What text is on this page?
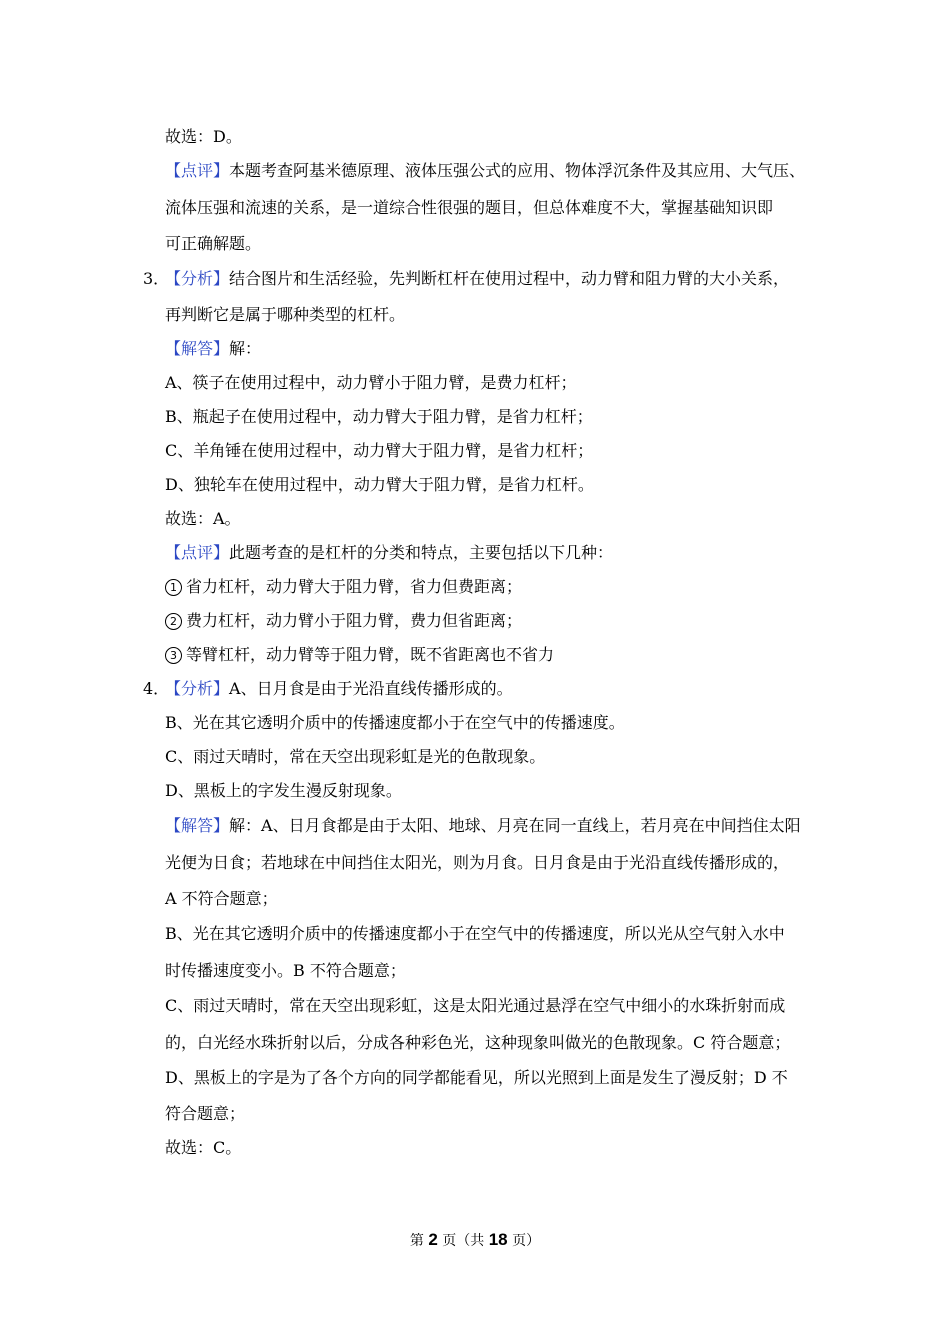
故选：D。
【点评】本题考查阿基米德原理、液体压强公式的应用、物体浮沉条件及其应用、大气压、
流体压强和流速的关系，是一道综合性很强的题目，但总体难度不大，掌握基础知识即
可正确解题。
3．
【分析】结合图片和生活经验，先判断杠杆在使用过程中，动力臂和阻力臂的大小关系，
再判断它是属于哪种类型的杠杆。
【解答】解：
A、筷子在使用过程中，动力臂小于阻力臂，是费力杠杆；
B、瓶起子在使用过程中，动力臂大于阻力臂，是省力杠杆；
C、羊角锤在使用过程中，动力臂大于阻力臂，是省力杠杆；
D、独轮车在使用过程中，动力臂大于阻力臂，是省力杠杆。
故选：A。
【点评】此题考查的是杠杆的分类和特点，主要包括以下几种：
1 省力杠杆，动力臂大于阻力臂，省力但费距离；
2 费力杠杆，动力臂小于阻力臂，费力但省距离；
3 等臂杠杆，动力臂等于阻力臂，既不省距离也不省力
4．
【分析】A、日月食是由于光沿直线传播形成的。
B、光在其它透明介质中的传播速度都小于在空气中的传播速度。
C、雨过天晴时，常在天空出现彩虹是光的色散现象。
D、黑板上的字发生漫反射现象。
【解答】解：A、日月食都是由于太阳、地球、月亮在同一直线上，若月亮在中间挡住太阳
光便为日食；若地球在中间挡住太阳光，则为月食。日月食是由于光沿直线传播形成的，
A 不符合题意；
B、光在其它透明介质中的传播速度都小于在空气中的传播速度，所以光从空气射入水中
时传播速度变小。B 不符合题意；
C、雨过天晴时，常在天空出现彩虹，这是太阳光通过悬浮在空气中细小的水珠折射而成
的，白光经水珠折射以后，分成各种彩色光，这种现象叫做光的色散现象。C 符合题意；
D、黑板上的字是为了各个方向的同学都能看见，所以光照到上面是发生了漫反射；D 不
符合题意；
故选：C。
第 2 页（共 18 页）
